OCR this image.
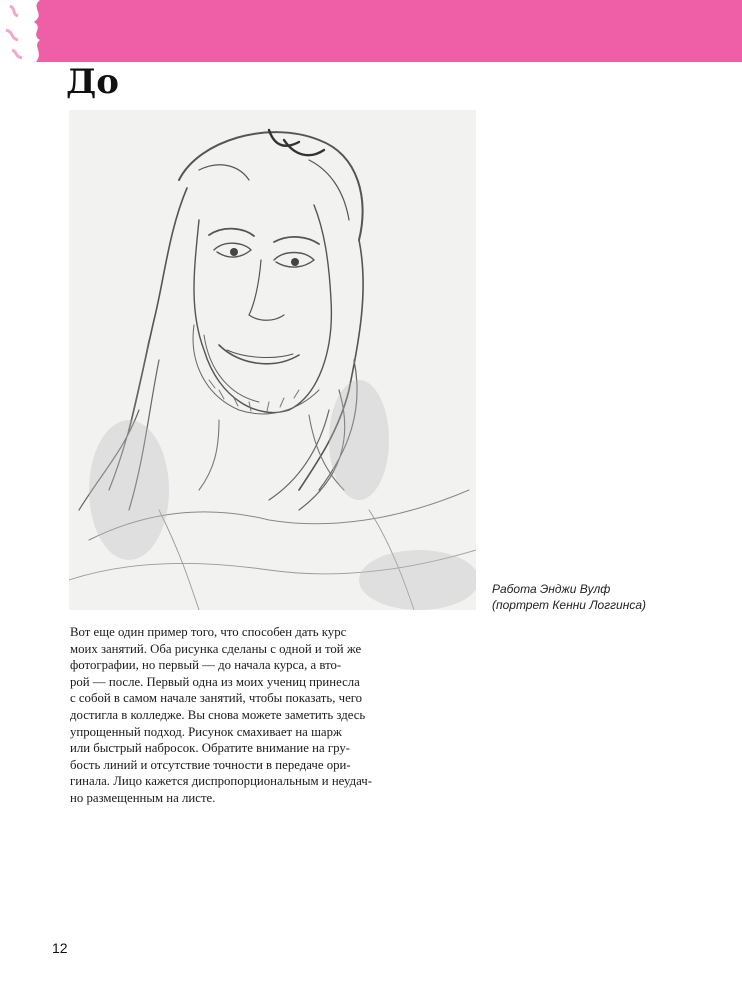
До
Работа Энджи Вулф
(портрет Кенни Логгинса)
Вот еще один пример того, что способен дать курс
моих занятий. Оба рисунка сделаны с одной и той же
фотографии, но первый — до начала курса, а вто-
рой — после. Первый одна из моих учениц принесла
с собой в самом начале занятий, чтобы показать, чего
достигла в колледже. Вы снова можете заметить здесь
упрощенный подход. Рисунок смахивает на шарж
или быстрый набросок. Обратите внимание на гру-
бость линий и отсутствие точности в передаче ори-
гинала. Лицо кажется диспропорциональным и неудач-
но размещенным на листе.
12
